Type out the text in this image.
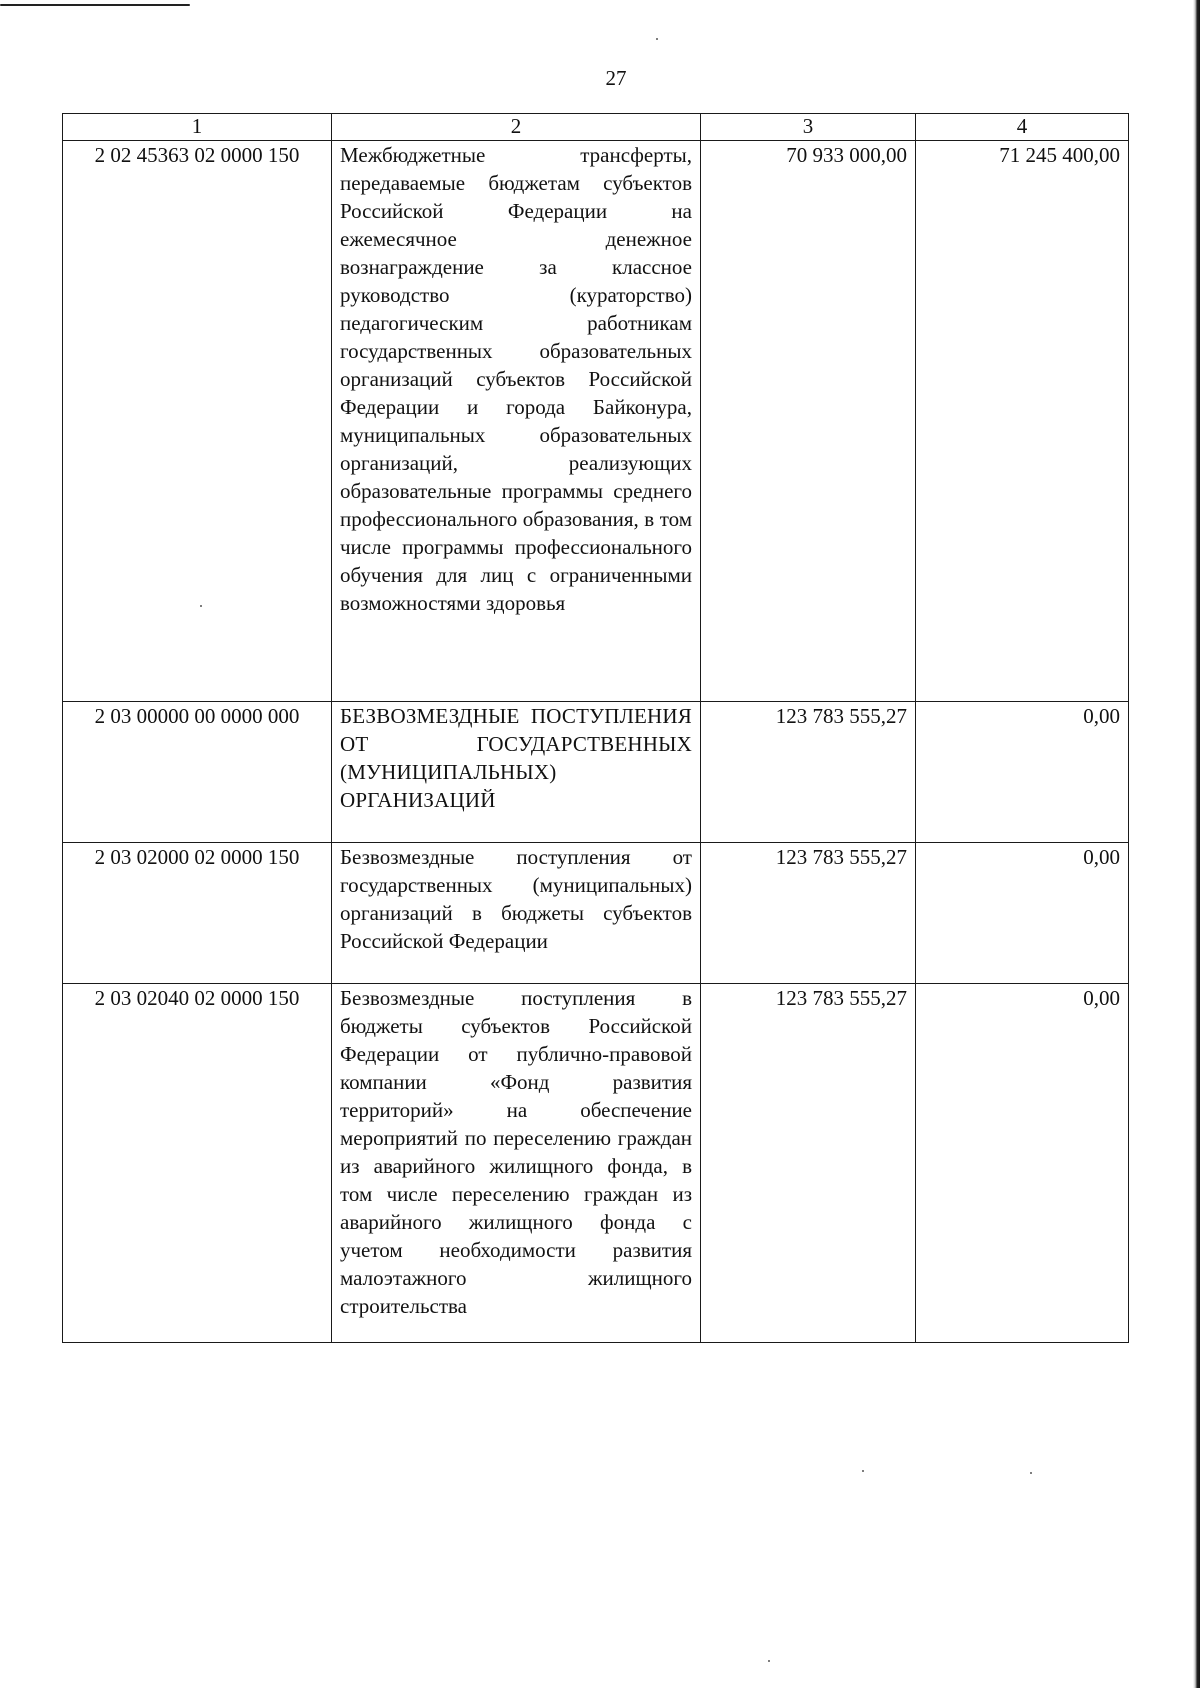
27
1	2	3	4
2 02 45363 02 0000 150	Межбюджетные трансферты, передаваемые бюджетам субъектов Российской Федерации на ежемесячное денежное вознаграждение за классное руководство (кураторство) педагогическим работникам государственных образовательных организаций субъектов Российской Федерации и города Байконура, муниципальных образовательных организаций, реализующих образовательные программы среднего профессионального образования, в том числе программы профессионального обучения для лиц с ограниченными возможностями здоровья	70 933 000,00	71 245 400,00
2 03 00000 00 0000 000	БЕЗВОЗМЕЗДНЫЕ ПОСТУПЛЕНИЯ ОТ ГОСУДАРСТВЕННЫХ (МУНИЦИПАЛЬНЫХ) ОРГАНИЗАЦИЙ	123 783 555,27	0,00
2 03 02000 02 0000 150	Безвозмездные поступления от государственных (муниципальных) организаций в бюджеты субъектов Российской Федерации	123 783 555,27	0,00
2 03 02040 02 0000 150	Безвозмездные поступления в бюджеты субъектов Российской Федерации от публично-правовой компании «Фонд развития территорий» на обеспечение мероприятий по переселению граждан из аварийного жилищного фонда, в том числе переселению граждан из аварийного жилищного фонда с учетом необходимости развития малоэтажного жилищного строительства	123 783 555,27	0,00
